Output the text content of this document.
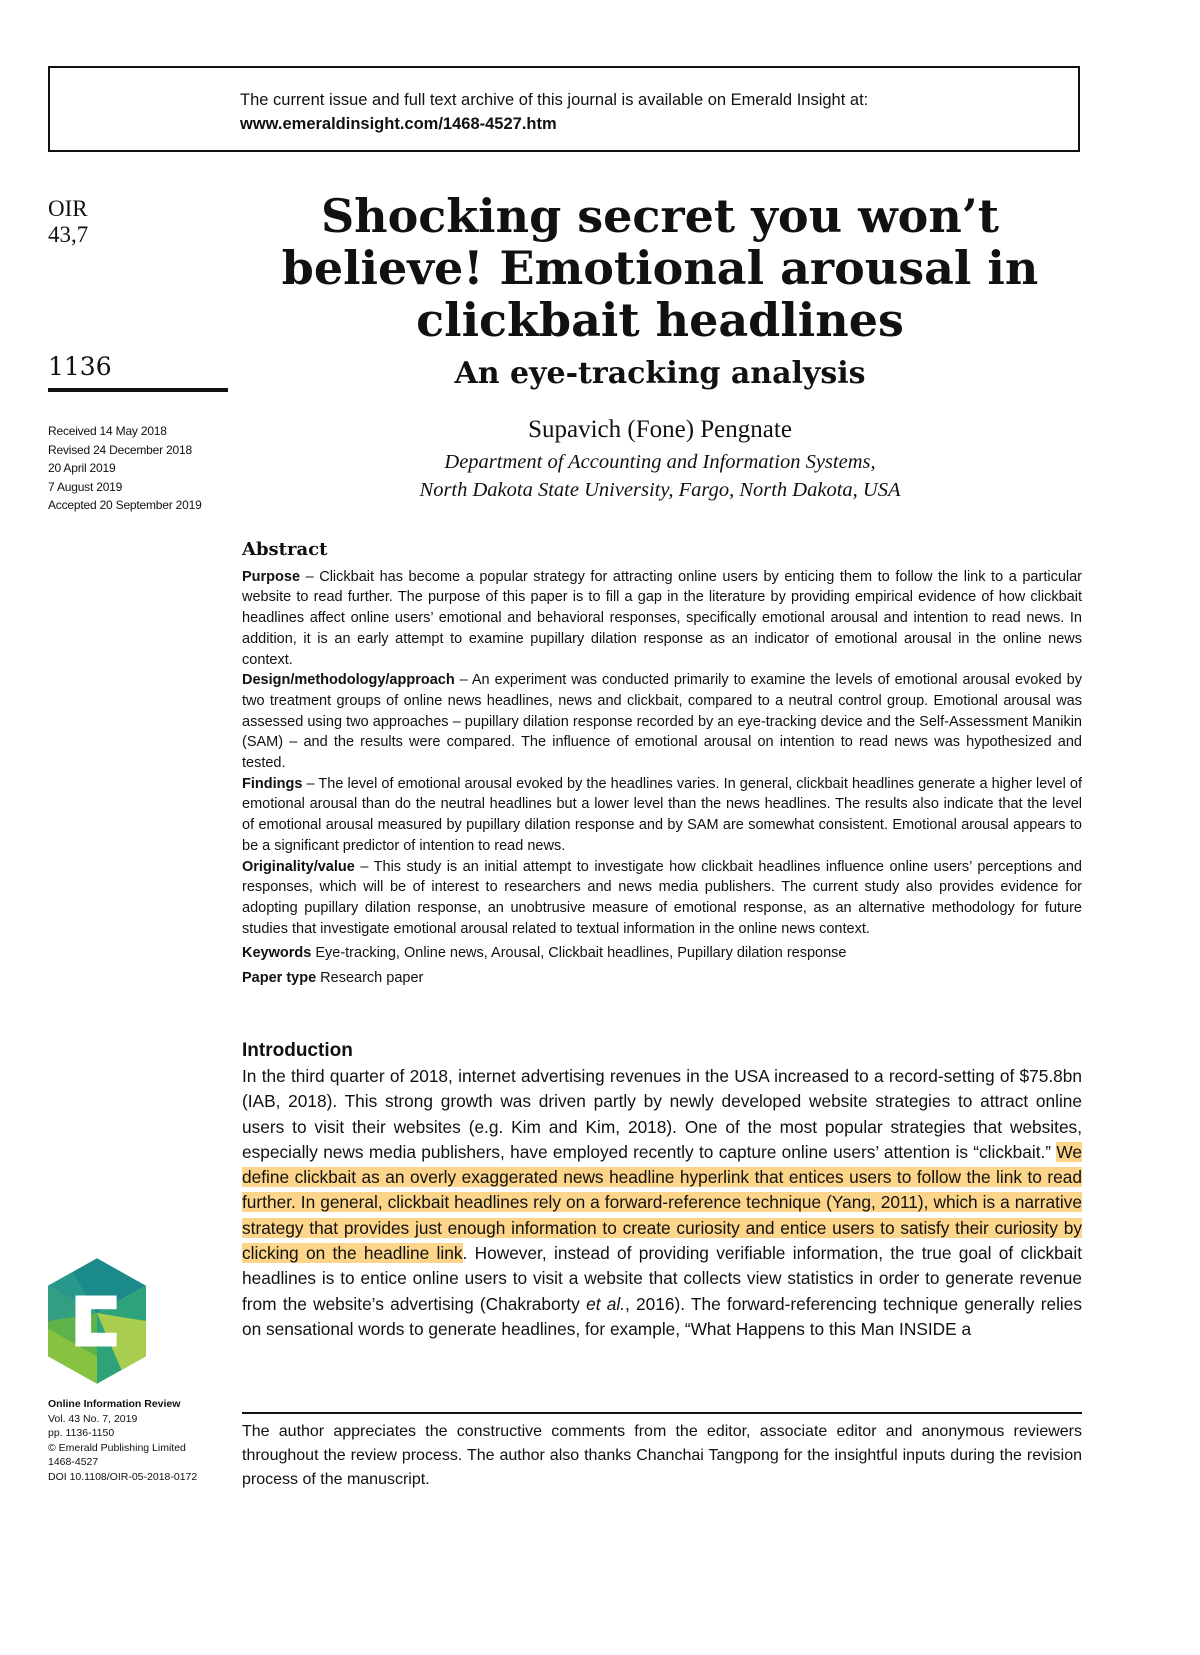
The current issue and full text archive of this journal is available on Emerald Insight at:
www.emeraldinsight.com/1468-4527.htm
OIR
43,7
1136
Received 14 May 2018
Revised 24 December 2018
20 April 2019
7 August 2019
Accepted 20 September 2019
Shocking secret you won’t
believe! Emotional arousal in
clickbait headlines
An eye-tracking analysis
Supavich (Fone) Pengnate
Department of Accounting and Information Systems,
North Dakota State University, Fargo, North Dakota, USA
Abstract

Purpose – Clickbait has become a popular strategy for attracting online users by enticing them to follow the link to a particular website to read further. The purpose of this paper is to fill a gap in the literature by providing empirical evidence of how clickbait headlines affect online users’ emotional and behavioral responses, specifically emotional arousal and intention to read news. In addition, it is an early attempt to examine pupillary dilation response as an indicator of emotional arousal in the online news context.

Design/methodology/approach – An experiment was conducted primarily to examine the levels of emotional arousal evoked by two treatment groups of online news headlines, news and clickbait, compared to a neutral control group. Emotional arousal was assessed using two approaches – pupillary dilation response recorded by an eye-tracking device and the Self-Assessment Manikin (SAM) – and the results were compared. The influence of emotional arousal on intention to read news was hypothesized and tested.

Findings – The level of emotional arousal evoked by the headlines varies. In general, clickbait headlines generate a higher level of emotional arousal than do the neutral headlines but a lower level than the news headlines. The results also indicate that the level of emotional arousal measured by pupillary dilation response and by SAM are somewhat consistent. Emotional arousal appears to be a significant predictor of intention to read news.

Originality/value – This study is an initial attempt to investigate how clickbait headlines influence online users’ perceptions and responses, which will be of interest to researchers and news media publishers. The current study also provides evidence for adopting pupillary dilation response, an unobtrusive measure of emotional response, as an alternative methodology for future studies that investigate emotional arousal related to textual information in the online news context.

Keywords Eye-tracking, Online news, Arousal, Clickbait headlines, Pupillary dilation response

Paper type Research paper

Introduction

In the third quarter of 2018, internet advertising revenues in the USA increased to a record-setting of $75.8bn (IAB, 2018). This strong growth was driven partly by newly developed website strategies to attract online users to visit their websites (e.g. Kim and Kim, 2018). One of the most popular strategies that websites, especially news media publishers, have employed recently to capture online users’ attention is “clickbait.” We define clickbait as an overly exaggerated news headline hyperlink that entices users to follow the link to read further. In general, clickbait headlines rely on a forward-reference technique (Yang, 2011), which is a narrative strategy that provides just enough information to create curiosity and entice users to satisfy their curiosity by clicking on the headline link. However, instead of providing verifiable information, the true goal of clickbait headlines is to entice online users to visit a website that collects view statistics in order to generate revenue from the website’s advertising (Chakraborty et al., 2016). The forward-referencing technique generally relies on sensational words to generate headlines, for example, “What Happens to this Man INSIDE a

The author appreciates the constructive comments from the editor, associate editor and anonymous reviewers throughout the review process. The author also thanks Chanchai Tangpong for the insightful inputs during the revision process of the manuscript.
Online Information Review
Vol. 43 No. 7, 2019
pp. 1136-1150
© Emerald Publishing Limited
1468-4527
DOI 10.1108/OIR-05-2018-0172
